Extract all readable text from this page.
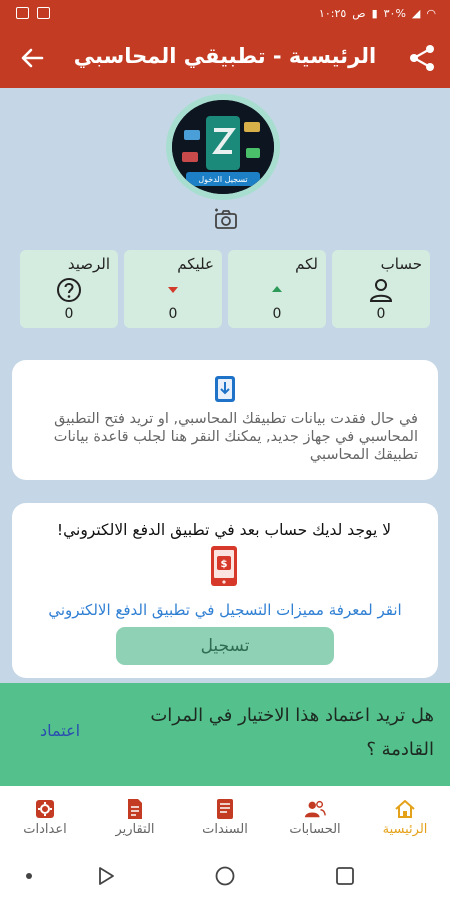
١٠:٢٥ ص ▮ ٣٠% ◢ ◠
الرئيسية - تطبيقي المحاسبي
تسجيل الدخول
حساب
0
لكم
0
عليكم
0
الرصيد
0
في حال فقدت بيانات تطبيقك المحاسبي, او تريد فتح التطبيق المحاسبي في جهاز جديد, يمكنك النقر هنا لجلب قاعدة بيانات تطبيقك المحاسبي
لا يوجد لديك حساب بعد في تطبيق الدفع الالكتروني!
انقر لمعرفة مميزات التسجيل في تطبيق الدفع الالكتروني
تسجيل
$
هل تريد اعتماد هذا الاختيار في المرات القادمة ؟
اعتماد
الرئيسية
الحسابات
السندات
التقارير
اعدادات
